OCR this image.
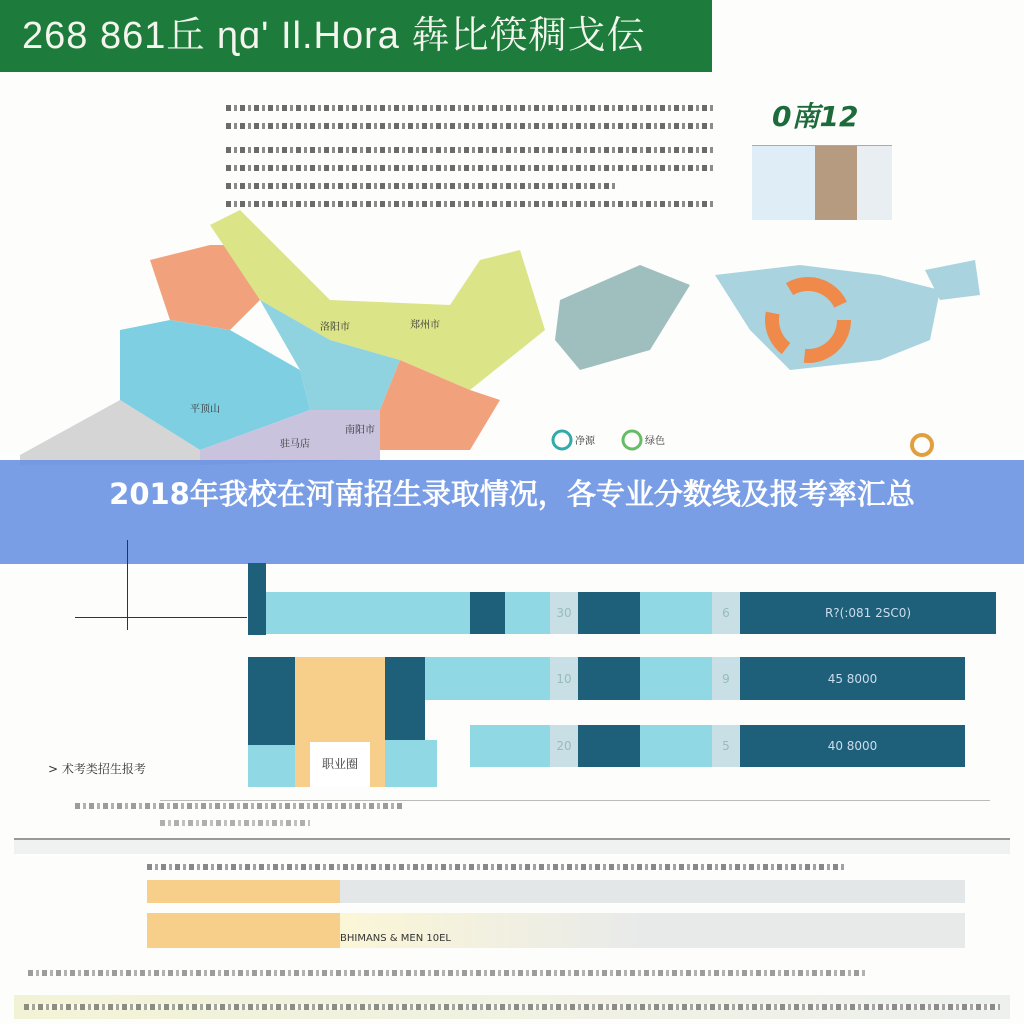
268 861丘 ɳɑ' Il.Hora 犇比筷稠戈伝
0南12
洛阳市	郑州市
平顶山
南阳市
驻马店	净源	绿色
2018年我校在河南招生录取情况，各专业分数线及报考率汇总
30	6	R?(:081 2SC0)
职业圈
10	9	45 8000
20	5	40 8000
> 术考类招生报考
BHIMANS & MEN 10EL
